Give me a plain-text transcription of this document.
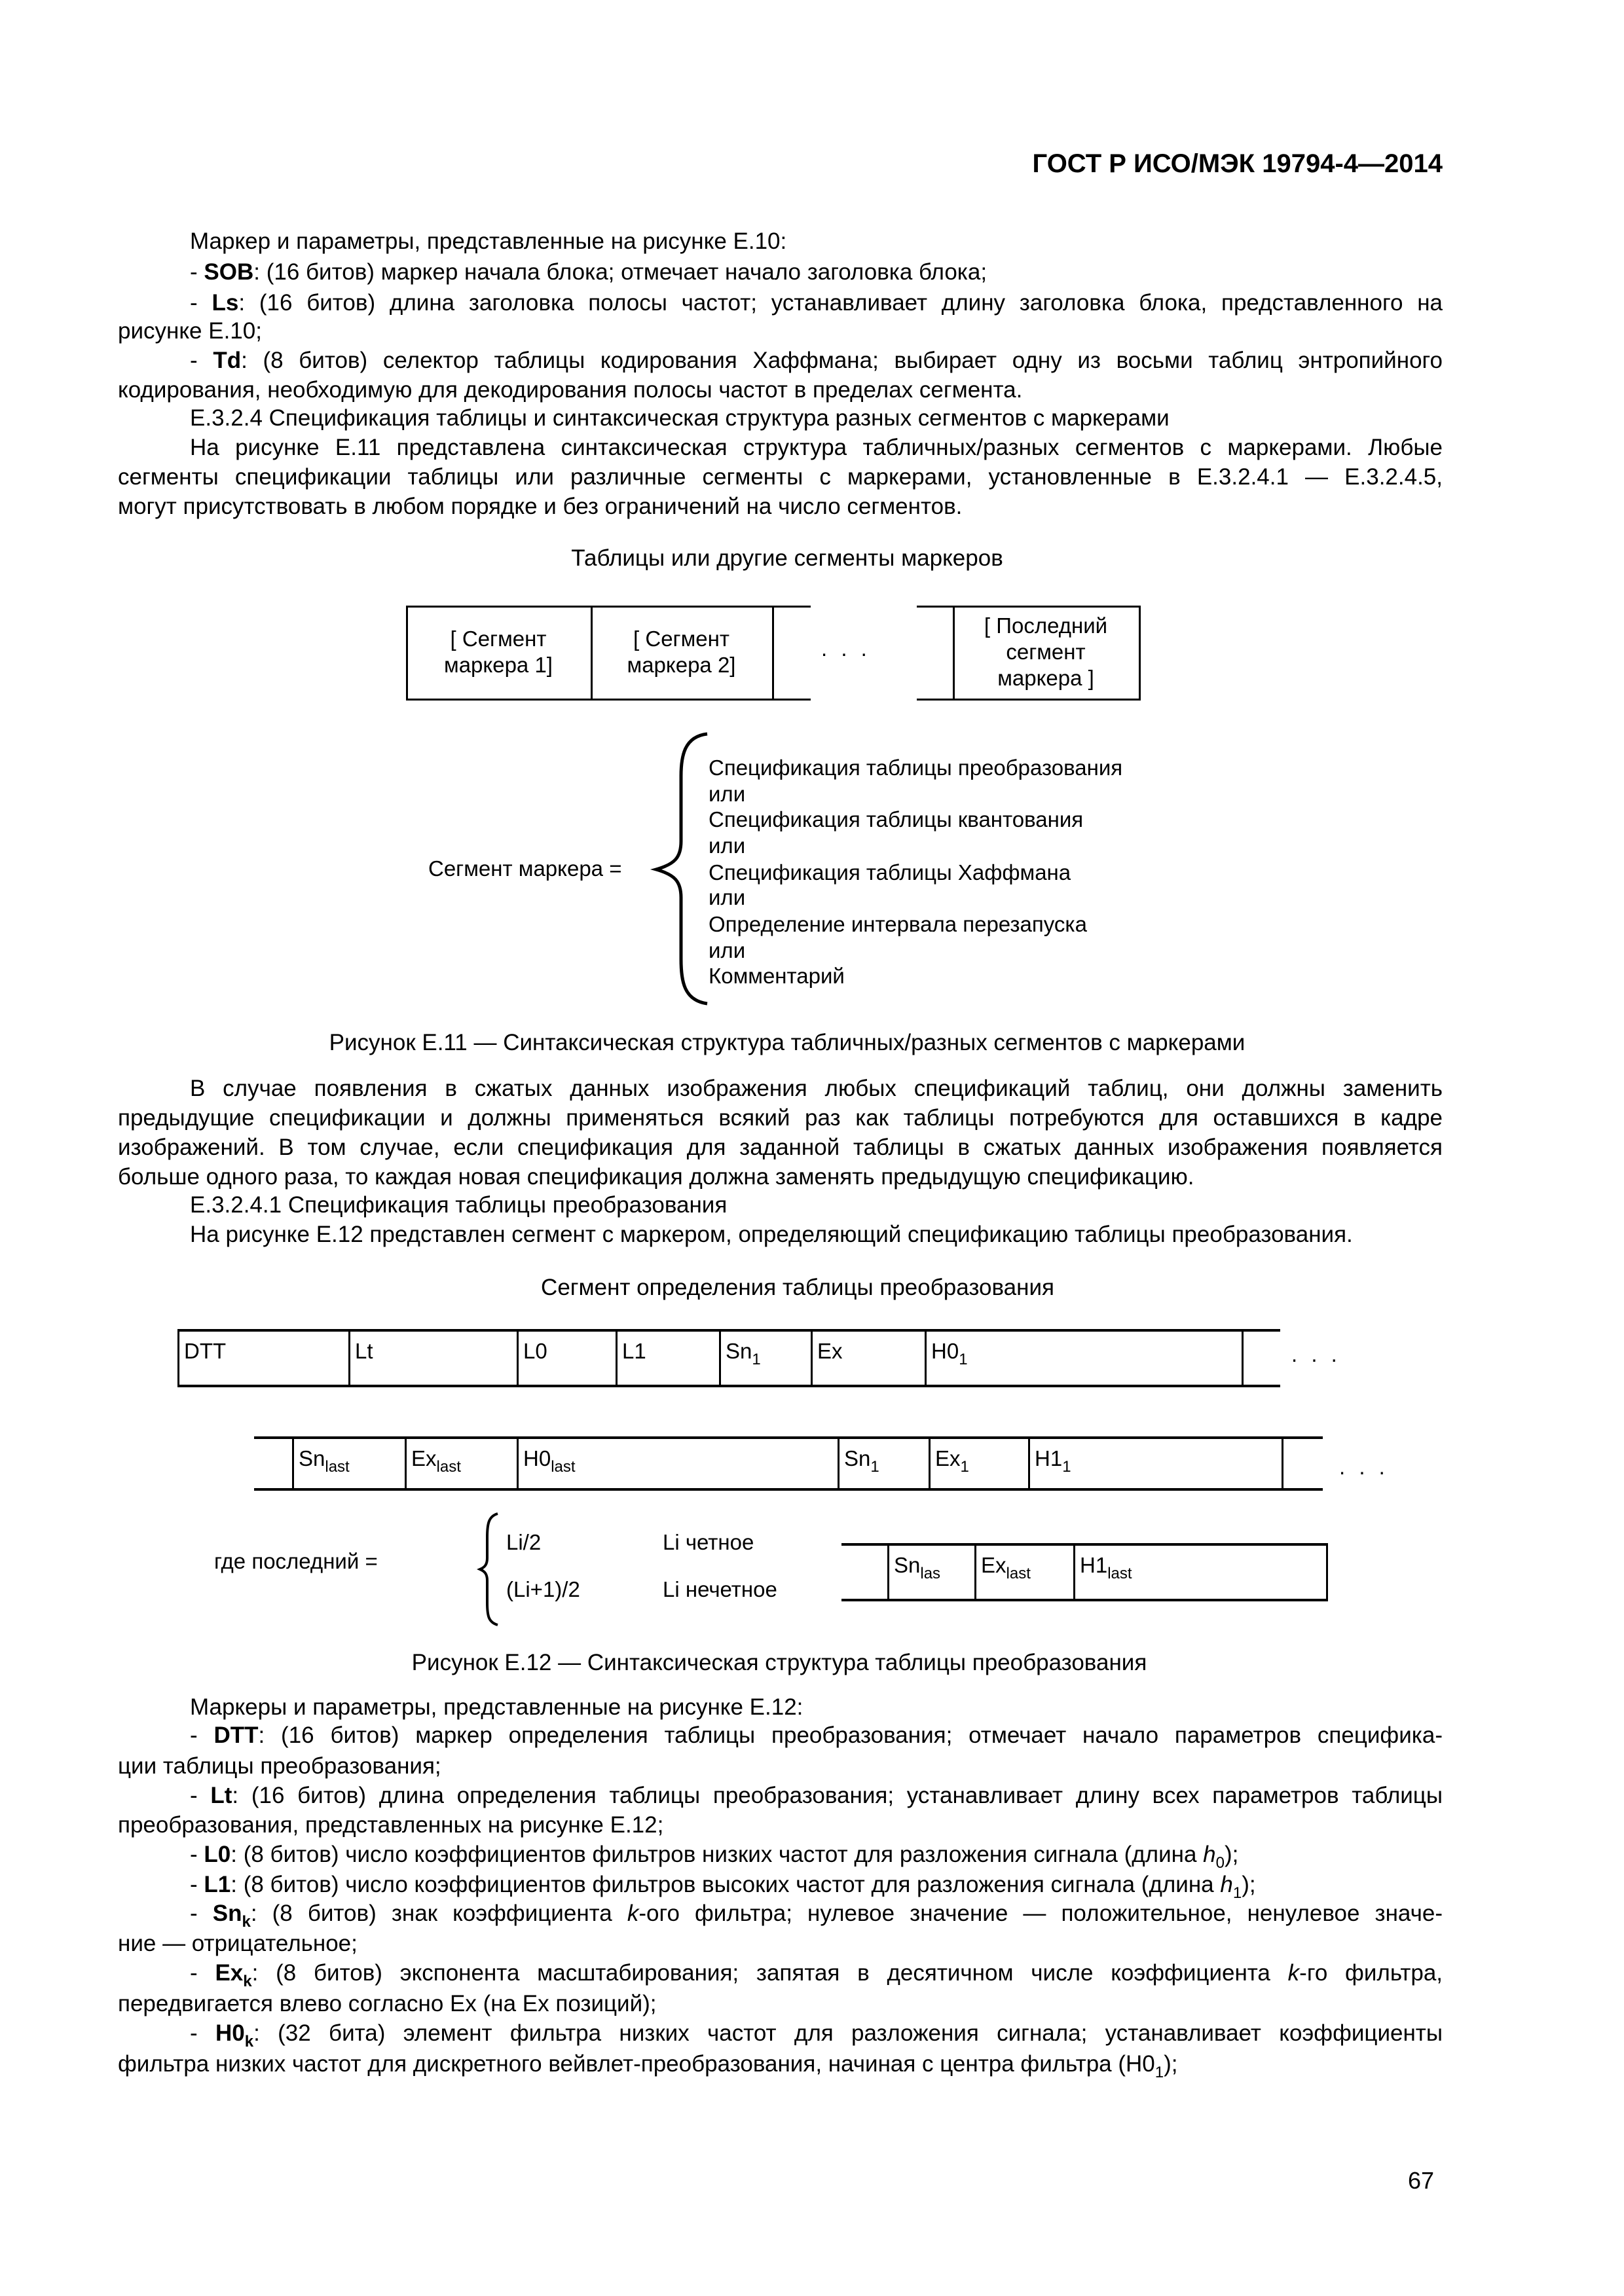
ГОСТ Р ИСО/МЭК 19794-4—2014
Маркер и параметры, представленные на рисунке Е.10:
- SOB: (16 битов) маркер начала блока; отмечает начало заголовка блока;
- Ls: (16 битов) длина заголовка полосы частот; устанавливает длину заголовка блока, представленного на
рисунке Е.10;
- Td: (8 битов) селектор таблицы кодирования Хаффмана; выбирает одну из восьми таблиц энтропийного
кодирования, необходимую для декодирования полосы частот в пределах сегмента.
Е.3.2.4 Спецификация таблицы и синтаксическая структура разных сегментов с маркерами
На рисунке Е.11 представлена синтаксическая структура табличных/разных сегментов с маркерами. Любые
сегменты спецификации таблицы или различные сегменты с маркерами, установленные в Е.3.2.4.1 — Е.3.2.4.5,
могут присутствовать в любом порядке и без ограничений на число сегментов.
В случае появления в сжатых данных изображения любых спецификаций таблиц, они должны заменить
предыдущие спецификации и должны применяться всякий раз как таблицы потребуются для оставшихся в кадре
изображений. В том случае, если спецификация для заданной таблицы в сжатых данных изображения появляется
больше одного раза, то каждая новая спецификация должна заменять предыдущую спецификацию.
Е.3.2.4.1 Спецификация таблицы преобразования
На рисунке Е.12 представлен сегмент с маркером, определяющий спецификацию таблицы преобразования.
Маркеры и параметры, представленные на рисунке Е.12:
- DTT: (16 битов) маркер определения таблицы преобразования; отмечает начало параметров специфика-
ции таблицы преобразования;
- Lt: (16 битов) длина определения таблицы преобразования; устанавливает длину всех параметров таблицы
преобразования, представленных на рисунке Е.12;
- L0: (8 битов) число коэффициентов фильтров низких частот для разложения сигнала (длина $h_0$);
- L1: (8 битов) число коэффициентов фильтров высоких частот для разложения сигнала (длина $h_1$);
- $Sn_k$: (8 битов) знак коэффициента k-ого фильтра; нулевое значение — положительное, ненулевое значе-
ние — отрицательное;
- $Ex_k$: (8 битов) экспонента масштабирования; запятая в десятичном числе коэффициента k-го фильтра,
передвигается влево согласно Ex (на Ex позиций);
- $H0_k$: (32 бита) элемент фильтра низких частот для разложения сигнала; устанавливает коэффициенты
фильтра низких частот для дискретного вейвлет-преобразования, начиная с центра фильтра $(H0_1)$;
Таблицы или другие сегменты маркеров
[ Сегмент
маркера 1]
[ Сегмент
маркера 2]
[ Последний
сегмент
маркера ]
. . .
Сегмент маркера =
Спецификация таблицы преобразования
или
Спецификация таблицы квантования
или
Спецификация таблицы Хаффмана
или
Определение интервала перезапуска
или
Комментарий
Рисунок Е.11 — Синтаксическая структура табличных/разных сегментов с маркерами
Сегмент определения таблицы преобразования
DTT	Lt	L0	L1	$Sn_1$	Ex	$H0_1$
$Sn_{last}$	$Ex_{last}$	$H0_{last}$	$Sn_1$	$Ex_1$	$H1_1$
$Sn_{las}$ $Ex_{last}$ $H1_{last}$
. . .
. . .
где последний =
Li/2	Li четное
(Li+1)/2	Li нечетное
Рисунок Е.12 — Синтаксическая структура таблицы преобразования
67
